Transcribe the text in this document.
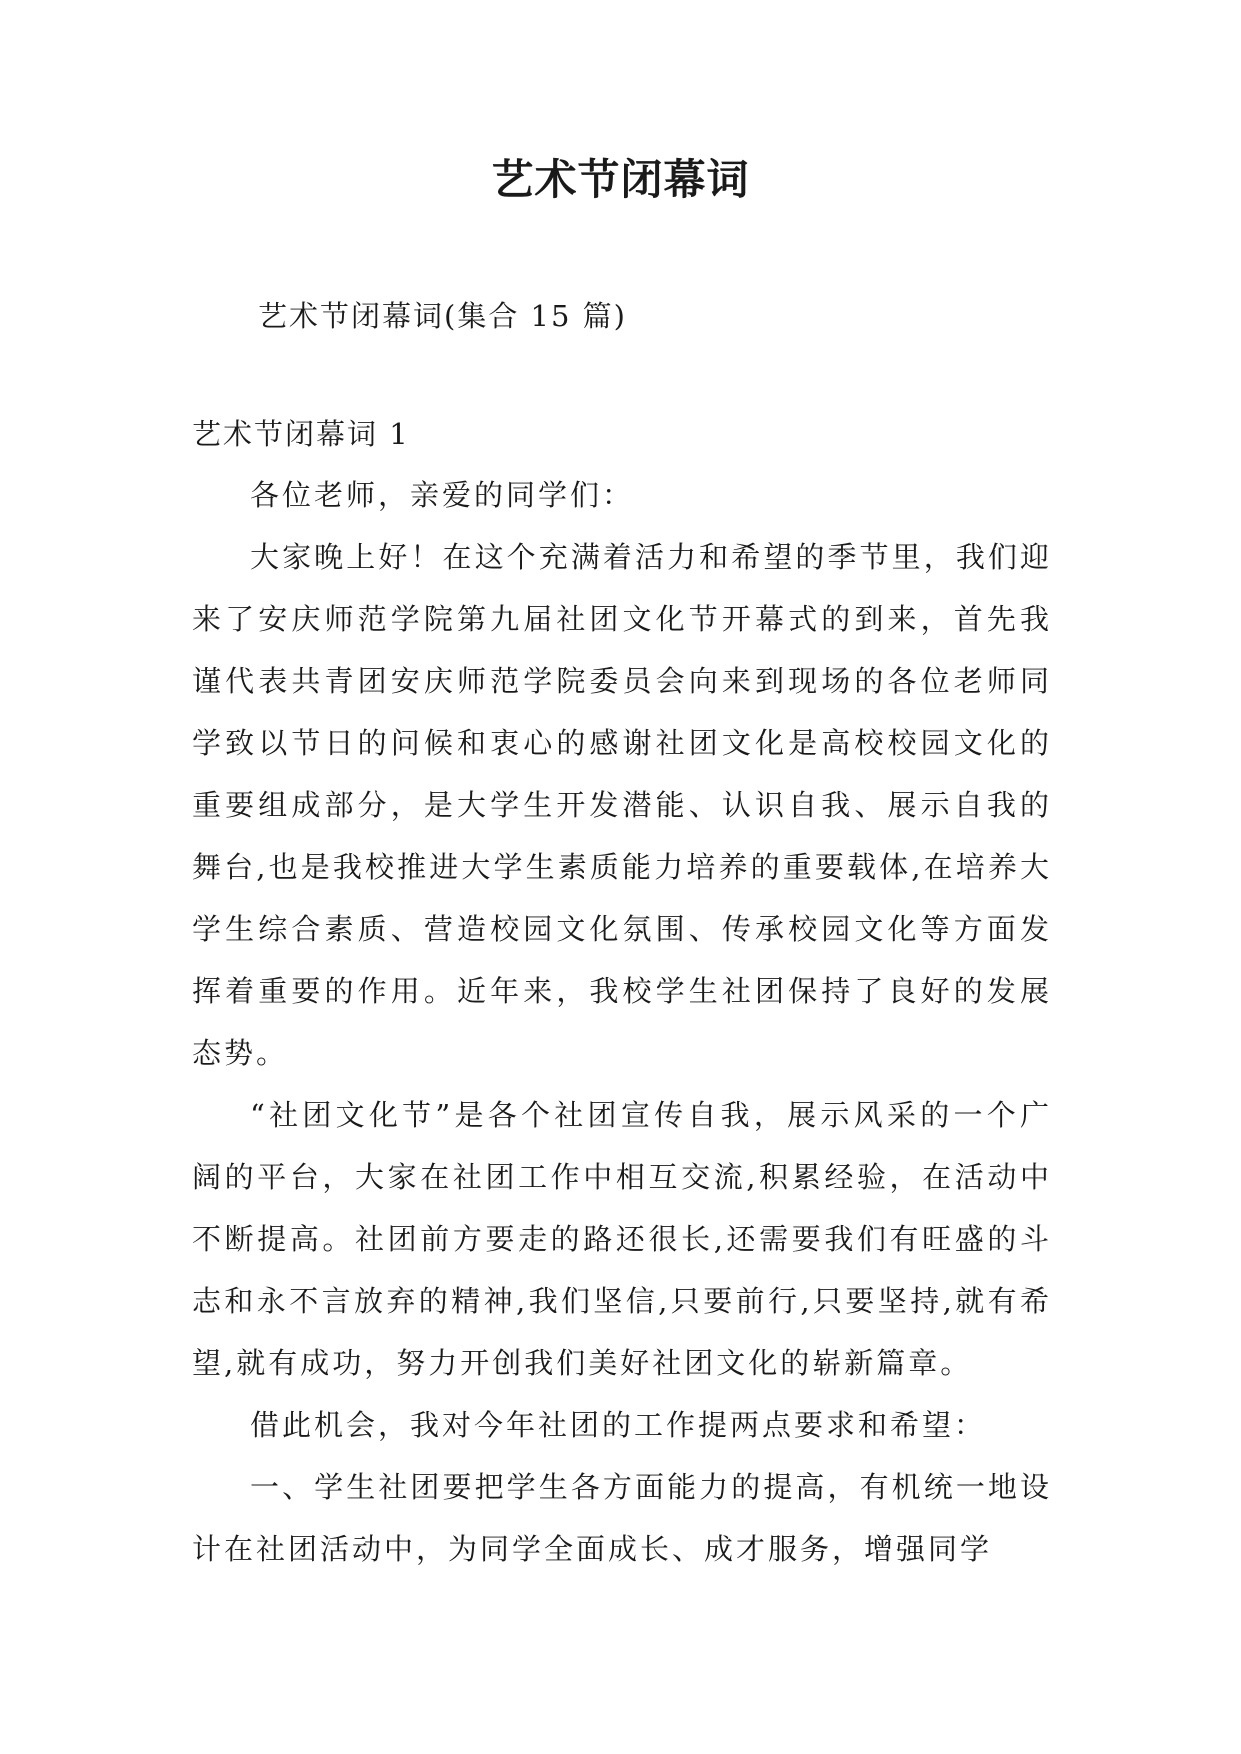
艺术节闭幕词
艺术节闭幕词(集合 15 篇)
艺术节闭幕词 1

各位老师，亲爱的同学们：

大家晚上好！在这个充满着活力和希望的季节里，我们迎来了安庆师范学院第九届社团文化节开幕式的到来，首先我谨代表共青团安庆师范学院委员会向来到现场的各位老师同学致以节日的问候和衷心的感谢社团文化是高校校园文化的重要组成部分，是大学生开发潜能、认识自我、展示自我的舞台,也是我校推进大学生素质能力培养的重要载体,在培养大学生综合素质、营造校园文化氛围、传承校园文化等方面发挥着重要的作用。近年来，我校学生社团保持了良好的发展态势。

“社团文化节”是各个社团宣传自我，展示风采的一个广阔的平台，大家在社团工作中相互交流,积累经验，在活动中不断提高。社团前方要走的路还很长,还需要我们有旺盛的斗志和永不言放弃的精神,我们坚信,只要前行,只要坚持,就有希望,就有成功，努力开创我们美好社团文化的崭新篇章。

借此机会，我对今年社团的工作提两点要求和希望：

一、学生社团要把学生各方面能力的提高，有机统一地设计在社团活动中，为同学全面成长、成才服务，增强同学
